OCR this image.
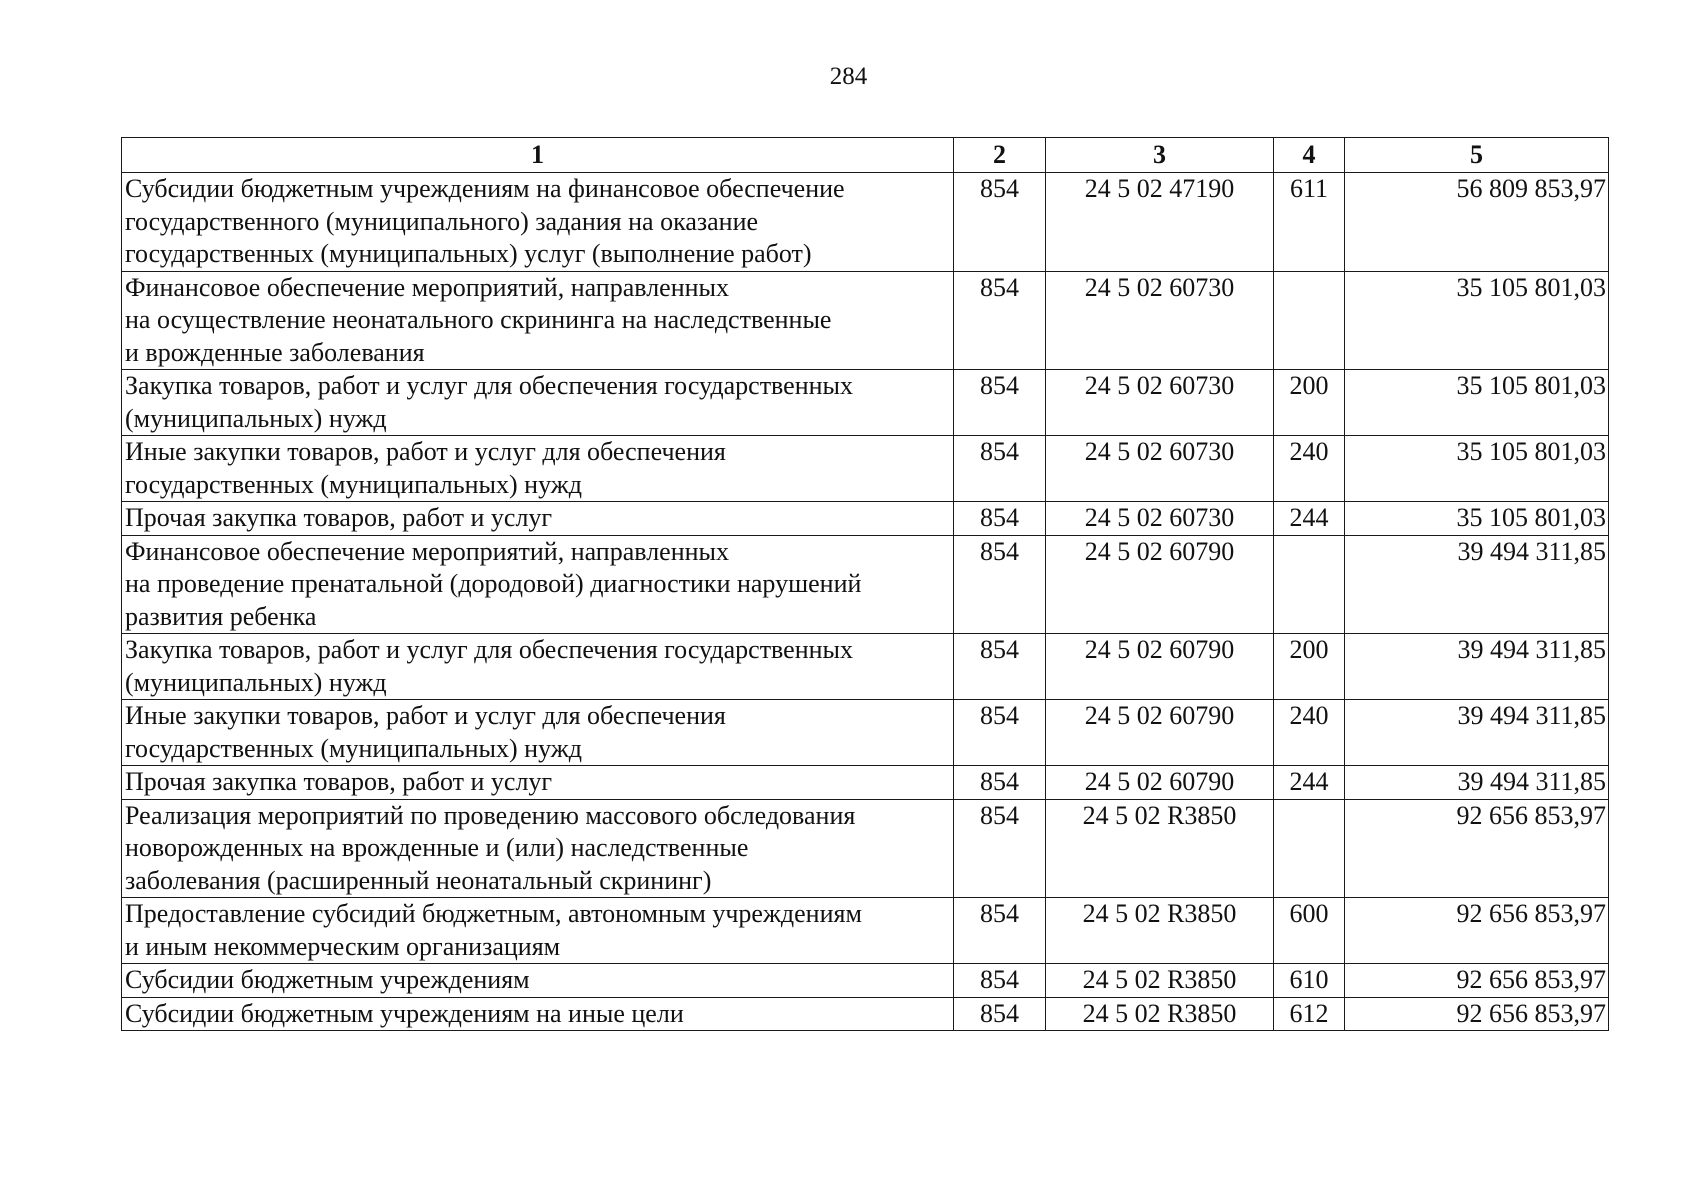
284
1	2	3	4	5
Субсидии бюджетным учреждениям на финансовое обеспечение
государственного (муниципального) задания на оказание
государственных (муниципальных) услуг (выполнение работ)	854	24 5 02 47190	611	56 809 853,97
Финансовое обеспечение мероприятий, направленных
на осуществление неонатального скрининга на наследственные
и врожденные заболевания	854	24 5 02 60730		35 105 801,03
Закупка товаров, работ и услуг для обеспечения государственных
(муниципальных) нужд	854	24 5 02 60730	200	35 105 801,03
Иные закупки товаров, работ и услуг для обеспечения
государственных (муниципальных) нужд	854	24 5 02 60730	240	35 105 801,03
Прочая закупка товаров, работ и услуг	854	24 5 02 60730	244	35 105 801,03
Финансовое обеспечение мероприятий, направленных
на проведение пренатальной (дородовой) диагностики нарушений
развития ребенка	854	24 5 02 60790		39 494 311,85
Закупка товаров, работ и услуг для обеспечения государственных
(муниципальных) нужд	854	24 5 02 60790	200	39 494 311,85
Иные закупки товаров, работ и услуг для обеспечения
государственных (муниципальных) нужд	854	24 5 02 60790	240	39 494 311,85
Прочая закупка товаров, работ и услуг	854	24 5 02 60790	244	39 494 311,85
Реализация мероприятий по проведению массового обследования
новорожденных на врожденные и (или) наследственные
заболевания (расширенный неонатальный скрининг)	854	24 5 02 R3850		92 656 853,97
Предоставление субсидий бюджетным, автономным учреждениям
и иным некоммерческим организациям	854	24 5 02 R3850	600	92 656 853,97
Субсидии бюджетным учреждениям	854	24 5 02 R3850	610	92 656 853,97
Субсидии бюджетным учреждениям на иные цели	854	24 5 02 R3850	612	92 656 853,97
